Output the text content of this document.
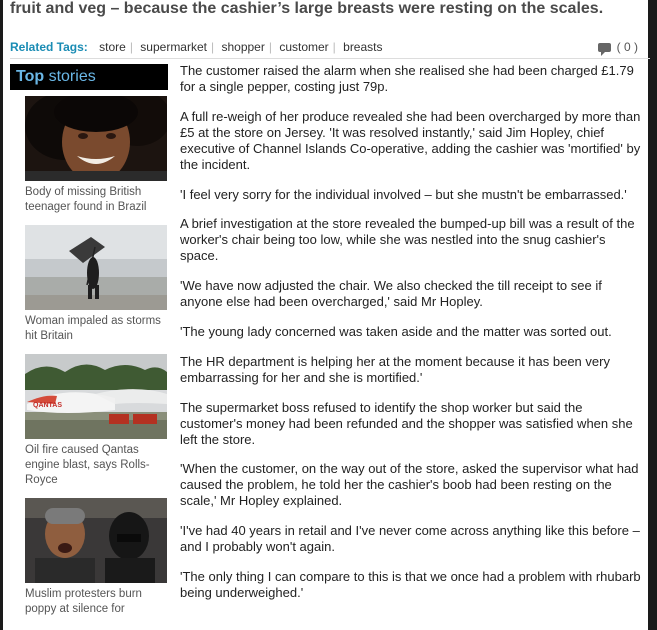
fruit and veg – because the cashier’s large breasts were resting on the scales.
Related Tags: store | supermarket | shopper | customer | breasts	( 0 )
Top stories
Body of missing British teenager found in Brazil
Woman impaled as storms hit Britain
QANTAS
Oil fire caused Qantas engine blast, says Rolls-Royce
Muslim protesters burn poppy at silence for

The customer raised the alarm when she realised she had been charged £1.79 for a single pepper, costing just 79p.

A full re-weigh of her produce revealed she had been overcharged by more than £5 at the store on Jersey. 'It was resolved instantly,' said Jim Hopley, chief executive of Channel Islands Co-operative, adding the cashier was 'mortified' by the incident.

'I feel very sorry for the individual involved – but she mustn't be embarrassed.'

A brief investigation at the store revealed the bumped-up bill was a result of the worker's chair being too low, while she was nestled into the snug cashier's space.

'We have now adjusted the chair. We also checked the till receipt to see if anyone else had been overcharged,' said Mr Hopley.

'The young lady concerned was taken aside and the matter was sorted out.

The HR department is helping her at the moment because it has been very embarrassing for her and she is mortified.'

The supermarket boss refused to identify the shop worker but said the customer's money had been refunded and the shopper was satisfied when she left the store.

'When the customer, on the way out of the store, asked the supervisor what had caused the problem, he told her the cashier's boob had been resting on the scale,' Mr Hopley explained.

'I've had 40 years in retail and I've never come across anything like this before – and I probably won't again.

'The only thing I can compare to this is that we once had a problem with rhubarb being underweighed.'
